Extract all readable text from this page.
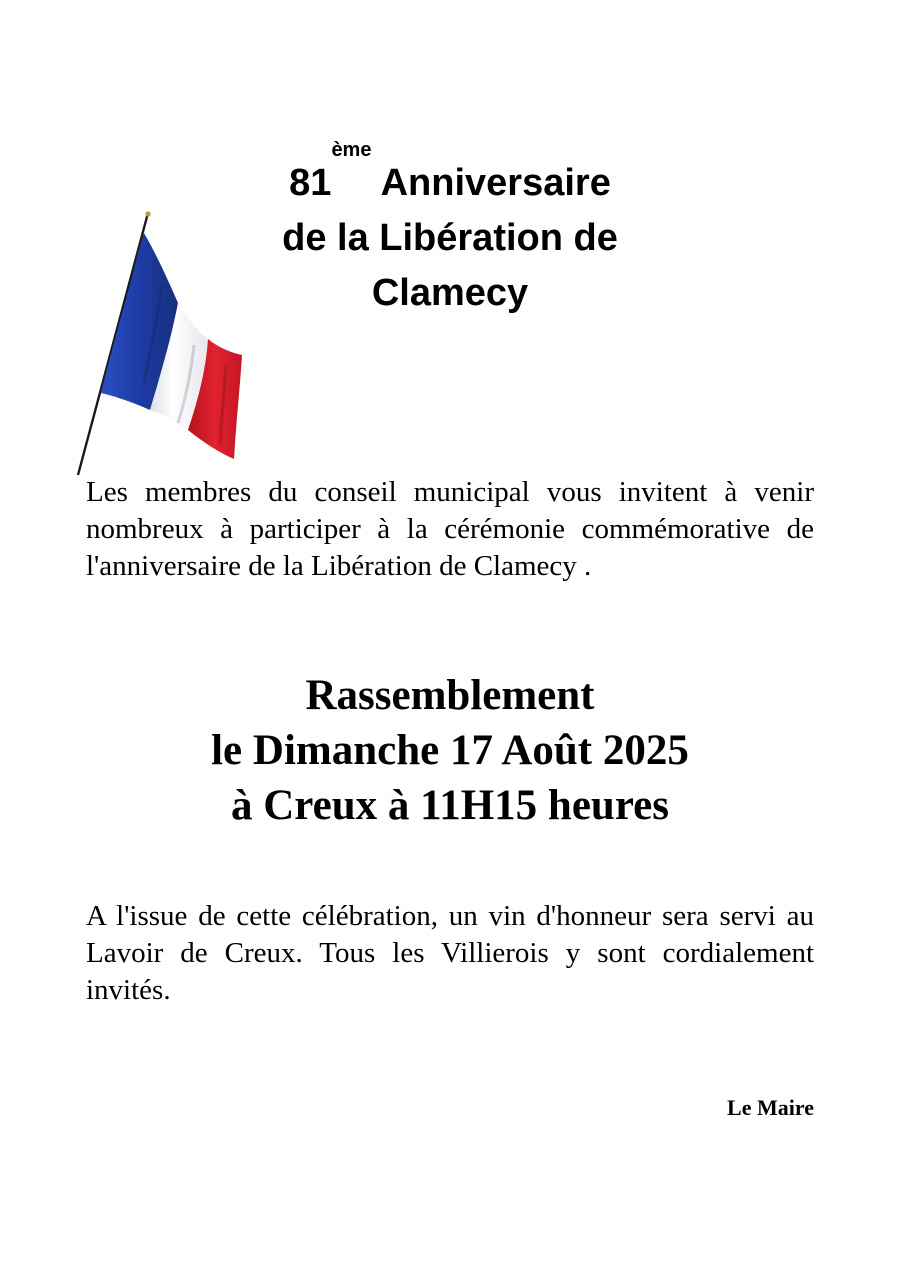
81ème Anniversaire
de la Libération de
Clamecy

Les membres du conseil municipal vous invitent à venir nombreux à participer à la cérémonie commémorative de l'anniversaire de la Libération de Clamecy .

Rassemblement
le Dimanche 17 Août 2025
à Creux à 11H15 heures

A l'issue de cette célébration, un vin d'honneur sera servi au Lavoir de Creux. Tous les Villierois y sont cordialement invités.

Le Maire
